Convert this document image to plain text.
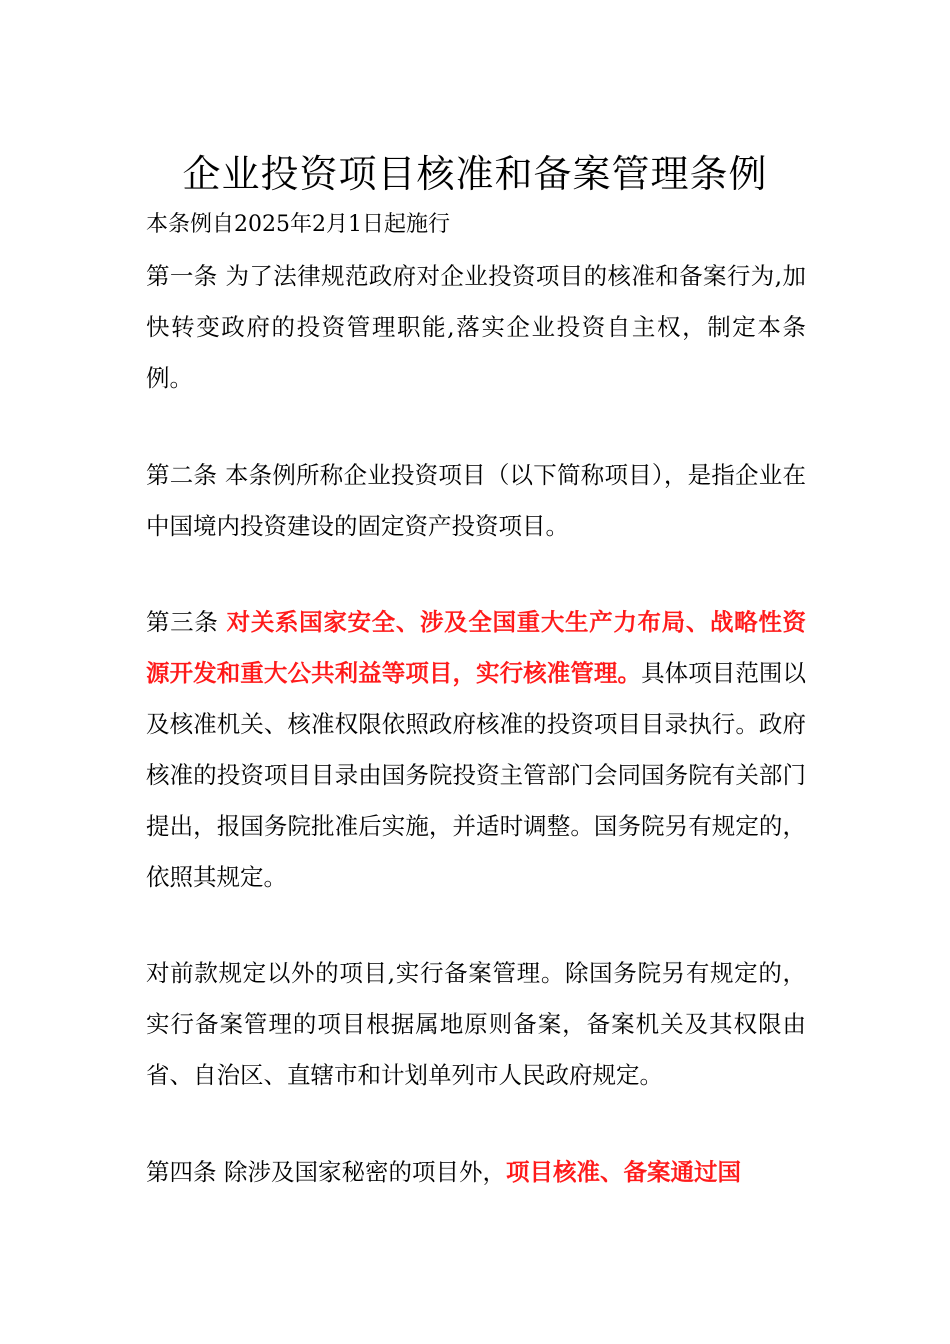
企业投资项目核准和备案管理条例
本条例自2025年2月1日起施行
第一条 为了法律规范政府对企业投资项目的核准和备案行为,加快转变政府的投资管理职能,落实企业投资自主权，制定本条例。
第二条 本条例所称企业投资项目（以下简称项目），是指企业在中国境内投资建设的固定资产投资项目。
第三条 对关系国家安全、涉及全国重大生产力布局、战略性资源开发和重大公共利益等项目，实行核准管理。具体项目范围以及核准机关、核准权限依照政府核准的投资项目目录执行。政府核准的投资项目目录由国务院投资主管部门会同国务院有关部门提出，报国务院批准后实施，并适时调整。国务院另有规定的，依照其规定。
对前款规定以外的项目,实行备案管理。除国务院另有规定的，实行备案管理的项目根据属地原则备案，备案机关及其权限由省、自治区、直辖市和计划单列市人民政府规定。
第四条 除涉及国家秘密的项目外，项目核准、备案通过国
